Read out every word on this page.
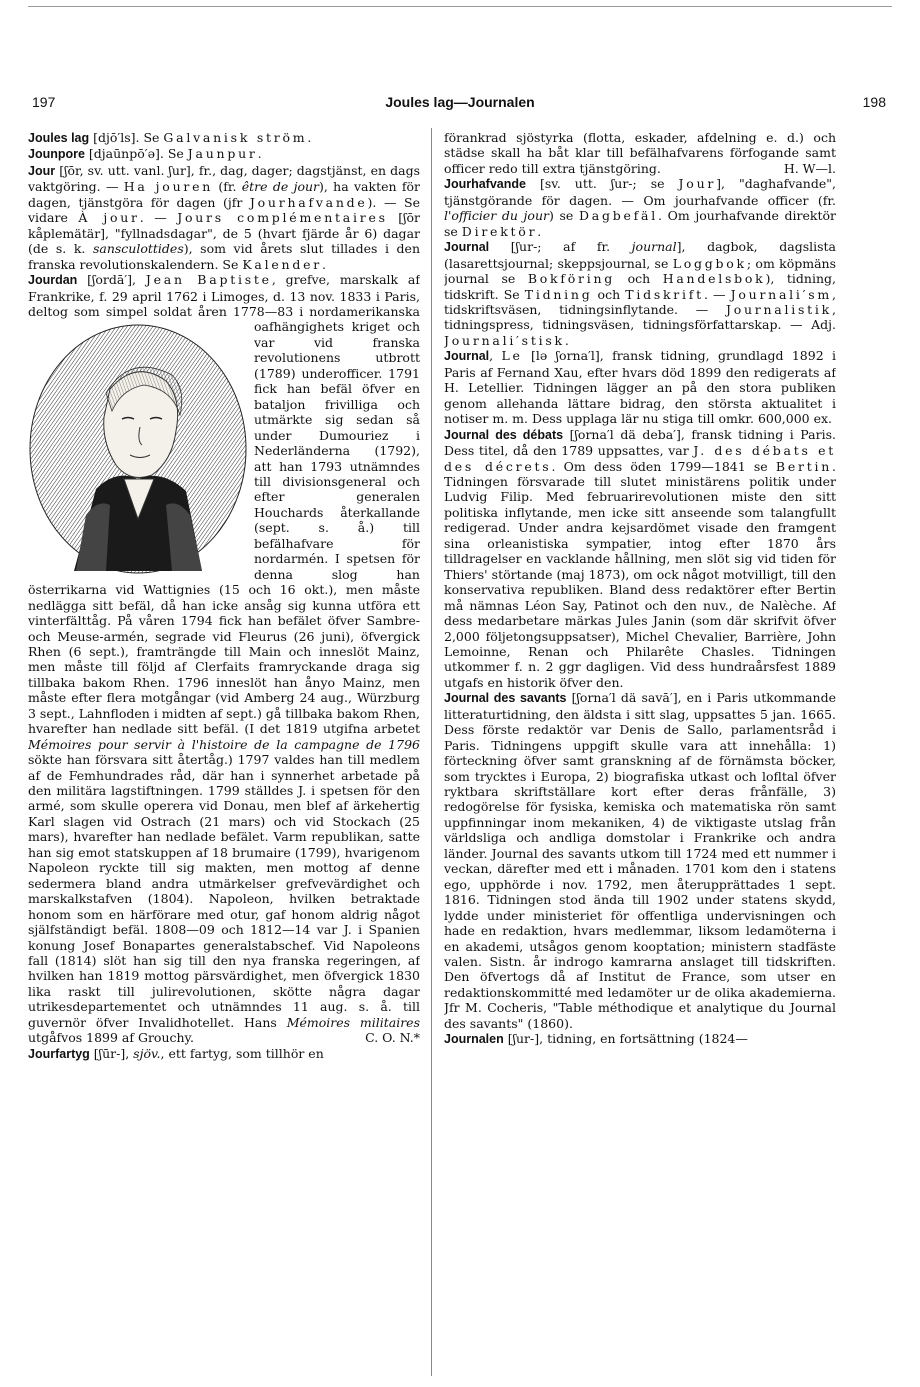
197	Joules lag—Journalen	198

Joules lag [djō′ls]. Se Galvanisk ström.

Jounpore [djaūnpō′ə]. Se Jaunpur.

Jour [ʃōr, sv. utt. vanl. ʃur], fr., dag, dager; dagstjänst, en dags vaktgöring. — Ha jouren (fr. être de jour), ha vakten för dagen, tjänstgöra för dagen (jfr Jourhafvande). — Se vidare À jour. — Jours complémentaires [ʃōr kåplemätär], "fyllnadsdagar", de 5 (hvart fjärde år 6) dagar (de s. k. sansculottides), som vid årets slut tillades i den franska revolutionskalendern. Se Kalender.

Jourdan [ʃordā′], Jean Baptiste, grefve, marskalk af Frankrike, f. 29 april 1762 i Limoges, d. 13 nov. 1833 i Paris, deltog som simpel soldat åren 1778—83 i nordamerikanska oafhängighets kriget och var vid franska revolutionens utbrott (1789) underofficer. 1791 fick han befäl öfver en bataljon frivilliga och utmärkte sig sedan så under Dumouriez i Nederländerna (1792), att han 1793 utnämndes till divisionsgeneral och efter generalen Houchards återkallande (sept. s. å.) till befälhafvare för nordarmén. I spetsen för denna slog han österrikarna vid Wattignies (15 och 16 okt.), men måste nedlägga sitt befäl, då han icke ansåg sig kunna utföra ett vinterfälttåg. På våren 1794 fick han befälet öfver Sambre- och Meuse-armén, segrade vid Fleurus (26 juni), öfvergick Rhen (6 sept.), framträngde till Main och inneslöt Mainz, men måste till följd af Clerfaits framryckande draga sig tillbaka bakom Rhen. 1796 inneslöt han ånyo Mainz, men måste efter flera motgångar (vid Amberg 24 aug., Würzburg 3 sept., Lahnfloden i midten af sept.) gå tillbaka bakom Rhen, hvarefter han nedlade sitt befäl. (I det 1819 utgifna arbetet Mémoires pour servir à l'histoire de la campagne de 1796 sökte han försvara sitt återtåg.) 1797 valdes han till medlem af de Femhundrades råd, där han i synnerhet arbetade på den militära lagstiftningen. 1799 ställdes J. i spetsen för den armé, som skulle operera vid Donau, men blef af ärkehertig Karl slagen vid Ostrach (21 mars) och vid Stockach (25 mars), hvarefter han nedlade befälet. Varm republikan, satte han sig emot statskuppen af 18 brumaire (1799), hvarigenom Napoleon ryckte till sig makten, men mottog af denne sedermera bland andra utmärkelser grefvevärdighet och marskalkstafven (1804). Napoleon, hvilken betraktade honom som en härförare med otur, gaf honom aldrig något själfständigt befäl. 1808—09 och 1812—14 var J. i Spanien konung Josef Bonapartes generalstabschef. Vid Napoleons fall (1814) slöt han sig till den nya franska regeringen, af hvilken han 1819 mottog pärsvärdighet, men öfvergick 1830 lika raskt till julirevolutionen, skötte några dagar utrikesdepartementet och utnämndes 11 aug. s. å. till guvernör öfver Invalidhotellet. Hans Mémoires militaires utgåfvos 1899 af Grouchy.	C. O. N.*

Jourfartyg [ʃūr-], sjöv., ett fartyg, som tillhör en

förankrad sjöstyrka (flotta, eskader, afdelning e. d.) och städse skall ha båt klar till befälhafvarens förfogande samt officer redo till extra tjänstgöring.	H. W—l.

Jourhafvande [sv. utt. ʃur-; se Jour], "daghafvande", tjänstgörande för dagen. — Om jourhafvande officer (fr. l'officier du jour) se Dagbefäl. Om jourhafvande direktör se Direktör.

Journal [ʃur-; af fr. journal], dagbok, dagslista (lasarettsjournal; skeppsjournal, se Loggbok; om köpmäns journal se Bokföring och Handelsbok), tidning, tidskrift. Se Tidning och Tidskrift. — Journali′sm, tidskriftsväsen, tidningsinflytande. — Journalistik, tidningspress, tidningsväsen, tidningsförfattarskap. — Adj. Journali′stisk.

Journal, Le [lə ʃorna′l], fransk tidning, grundlagd 1892 i Paris af Fernand Xau, efter hvars död 1899 den redigerats af H. Letellier. Tidningen lägger an på den stora publiken genom allehanda lättare bidrag, den största aktualitet i notiser m. m. Dess upplaga lär nu stiga till omkr. 600,000 ex.

Journal des débats [ʃorna′l dä deba′], fransk tidning i Paris. Dess titel, då den 1789 uppsattes, var J. des débats et des décrets. Om dess öden 1799—1841 se Bertin. Tidningen försvarade till slutet ministärens politik under Ludvig Filip. Med februarirevolutionen miste den sitt politiska inflytande, men icke sitt anseende som talangfullt redigerad. Under andra kejsardömet visade den framgent sina orleanistiska sympatier, intog efter 1870 års tilldragelser en vacklande hållning, men slöt sig vid tiden för Thiers' störtande (maj 1873), om ock något motvilligt, till den konservativa republiken. Bland dess redaktörer efter Bertin må nämnas Léon Say, Patinot och den nuv., de Nalèche. Af dess medarbetare märkas Jules Janin (som där skrifvit öfver 2,000 följetongsuppsatser), Michel Chevalier, Barrière, John Lemoinne, Renan och Philarête Chasles. Tidningen utkommer f. n. 2 ggr dagligen. Vid dess hundraårsfest 1889 utgafs en historik öfver den.

Journal des savants [ʃorna′l dä savā′], en i Paris utkommande litteraturtidning, den äldsta i sitt slag, uppsattes 5 jan. 1665. Dess förste redaktör var Denis de Sallo, parlamentsråd i Paris. Tidningens uppgift skulle vara att innehålla: 1) förteckning öfver samt granskning af de förnämsta böcker, som trycktes i Europa, 2) biografiska utkast och lofltal öfver ryktbara skriftställare kort efter deras frånfälle, 3) redogörelse för fysiska, kemiska och matematiska rön samt uppfinningar inom mekaniken, 4) de viktigaste utslag från världsliga och andliga domstolar i Frankrike och andra länder. Journal des savants utkom till 1724 med ett nummer i veckan, därefter med ett i månaden. 1701 kom den i statens ego, upphörde i nov. 1792, men återupprättades 1 sept. 1816. Tidningen stod ända till 1902 under statens skydd, lydde under ministeriet för offentliga undervisningen och hade en redaktion, hvars medlemmar, liksom ledamöterna i en akademi, utsågos genom kooptation; ministern stadfäste valen. Sistn. år indrogo kamrarna anslaget till tidskriften. Den öfvertogs då af Institut de France, som utser en redaktionskommitté med ledamöter ur de olika akademierna. Jfr M. Cocheris, "Table méthodique et analytique du Journal des savants" (1860).

Journalen [ʃur-], tidning, en fortsättning (1824—
